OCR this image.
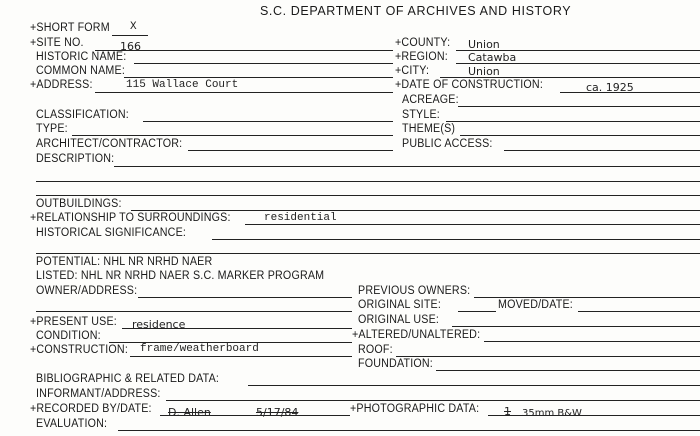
S.C. DEPARTMENT OF ARCHIVES AND HISTORY
+SHORT FORM X
+SITE NO.	166	+COUNTY: Union
HISTORIC NAME:	+REGION: Catawba
COMMON NAME:	+CITY:	Union
+ADDRESS:	115 Wallace Court	+DATE OF CONSTRUCTION:	ca. 1925
ACREAGE:
CLASSIFICATION:	STYLE:
TYPE:	THEME(S)
ARCHITECT/CONTRACTOR:	PUBLIC ACCESS:
DESCRIPTION:
OUTBUILDINGS:
+RELATIONSHIP TO SURROUNDINGS:	residential
HISTORICAL SIGNIFICANCE:
POTENTIAL: NHL NR NRHD NAER
LISTED: NHL NR NRHD NAER S.C. MARKER PROGRAM
OWNER/ADDRESS:	PREVIOUS OWNERS:
ORIGINAL SITE:	MOVED/DATE:
+PRESENT USE: residence	ORIGINAL USE:
CONDITION:	+ALTERED/UNALTERED:
+CONSTRUCTION: frame/weatherboard	ROOF:
FOUNDATION:
BIBLIOGRAPHIC & RELATED DATA:
INFORMANT/ADDRESS:
+RECORDED BY/DATE: D. Allen	5/17/84	+PHOTOGRAPHIC DATA: 1 35mm B&W
EVALUATION:
